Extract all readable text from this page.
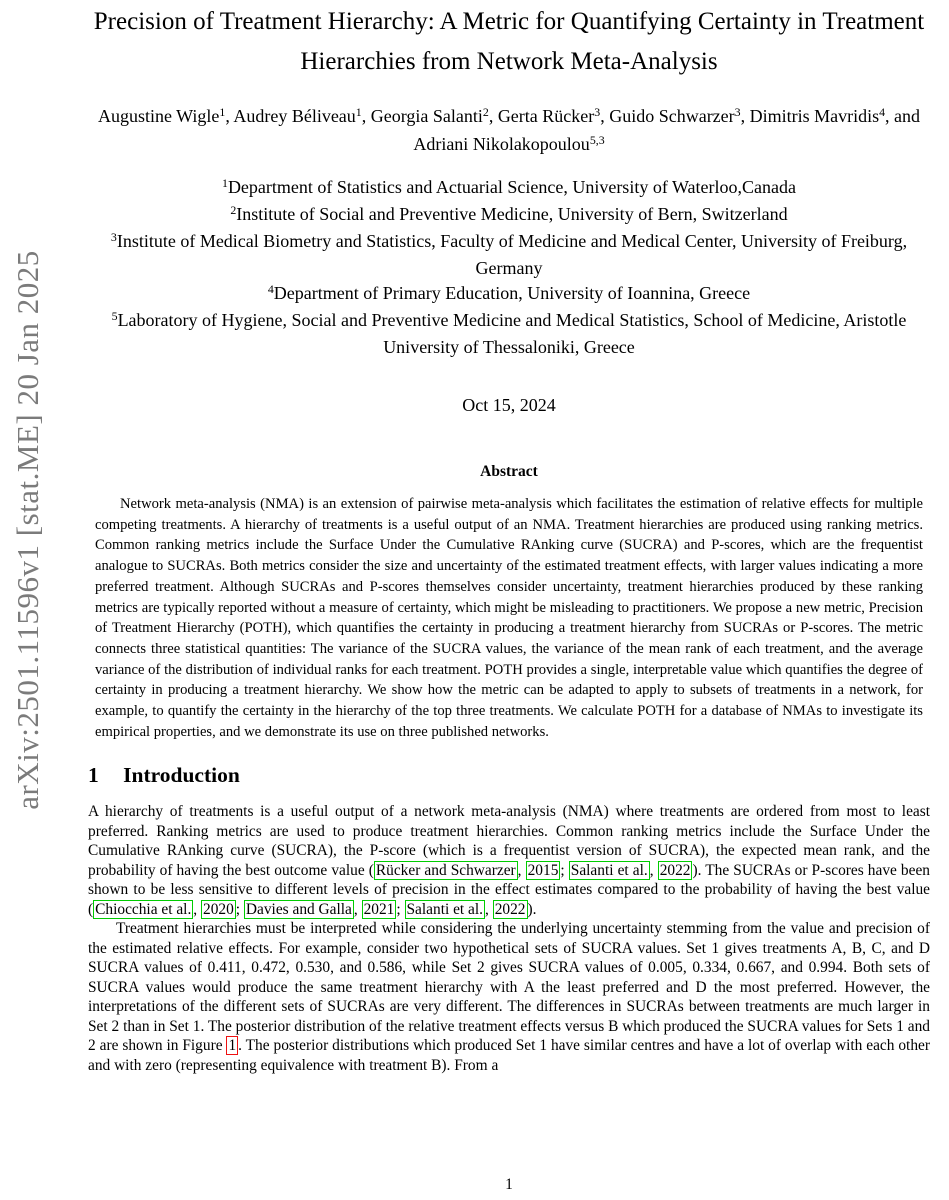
arXiv:2501.11596v1 [stat.ME] 20 Jan 2025
Precision of Treatment Hierarchy: A Metric for Quantifying Certainty in Treatment Hierarchies from Network Meta-Analysis
Augustine Wigle$^1$, Audrey Béliveau$^1$, Georgia Salanti$^2$, Gerta Rücker$^3$, Guido Schwarzer$^3$, Dimitris Mavridis$^4$, and Adriani Nikolakopoulou$^{5,3}$
$^1$Department of Statistics and Actuarial Science, University of Waterloo,Canada
$^2$Institute of Social and Preventive Medicine, University of Bern, Switzerland
$^3$Institute of Medical Biometry and Statistics, Faculty of Medicine and Medical Center, University of Freiburg, Germany
$^4$Department of Primary Education, University of Ioannina, Greece
$^5$Laboratory of Hygiene, Social and Preventive Medicine and Medical Statistics, School of Medicine, Aristotle University of Thessaloniki, Greece
Oct 15, 2024
Abstract

Network meta-analysis (NMA) is an extension of pairwise meta-analysis which facilitates the estimation of relative effects for multiple competing treatments. A hierarchy of treatments is a useful output of an NMA. Treatment hierarchies are produced using ranking metrics. Common ranking metrics include the Surface Under the Cumulative RAnking curve (SUCRA) and P-scores, which are the frequentist analogue to SUCRAs. Both metrics consider the size and uncertainty of the estimated treatment effects, with larger values indicating a more preferred treatment. Although SUCRAs and P-scores themselves consider uncertainty, treatment hierarchies produced by these ranking metrics are typically reported without a measure of certainty, which might be misleading to practitioners. We propose a new metric, Precision of Treatment Hierarchy (POTH), which quantifies the certainty in producing a treatment hierarchy from SUCRAs or P-scores. The metric connects three statistical quantities: The variance of the SUCRA values, the variance of the mean rank of each treatment, and the average variance of the distribution of individual ranks for each treatment. POTH provides a single, interpretable value which quantifies the degree of certainty in producing a treatment hierarchy. We show how the metric can be adapted to apply to subsets of treatments in a network, for example, to quantify the certainty in the hierarchy of the top three treatments. We calculate POTH for a database of NMAs to investigate its empirical properties, and we demonstrate its use on three published networks.

1 Introduction

A hierarchy of treatments is a useful output of a network meta-analysis (NMA) where treatments are ordered from most to least preferred. Ranking metrics are used to produce treatment hierarchies. Common ranking metrics include the Surface Under the Cumulative RAnking curve (SUCRA), the P-score (which is a frequentist version of SUCRA), the expected mean rank, and the probability of having the best outcome value ( Rücker and Schwarzer , 2015 ; Salanti et al. , 2022 ). The SUCRAs or P-scores have been shown to be less sensitive to different levels of precision in the effect estimates compared to the probability of having the best value ( Chiocchia et al. , 2020 ; Davies and Galla , 2021 ; Salanti et al. , 2022 ).

Treatment hierarchies must be interpreted while considering the underlying uncertainty stemming from the value and precision of the estimated relative effects. For example, consider two hypothetical sets of SUCRA values. Set 1 gives treatments A, B, C, and D SUCRA values of 0.411, 0.472, 0.530, and 0.586, while Set 2 gives SUCRA values of 0.005, 0.334, 0.667, and 0.994. Both sets of SUCRA values would produce the same treatment hierarchy with A the least preferred and D the most preferred. However, the interpretations of the different sets of SUCRAs are very different. The differences in SUCRAs between treatments are much larger in Set 2 than in Set 1. The posterior distribution of the relative treatment effects versus B which produced the SUCRA values for Sets 1 and 2 are shown in Figure 1 . The posterior distributions which produced Set 1 have similar centres and have a lot of overlap with each other and with zero (representing equivalence with treatment B). From a

1
